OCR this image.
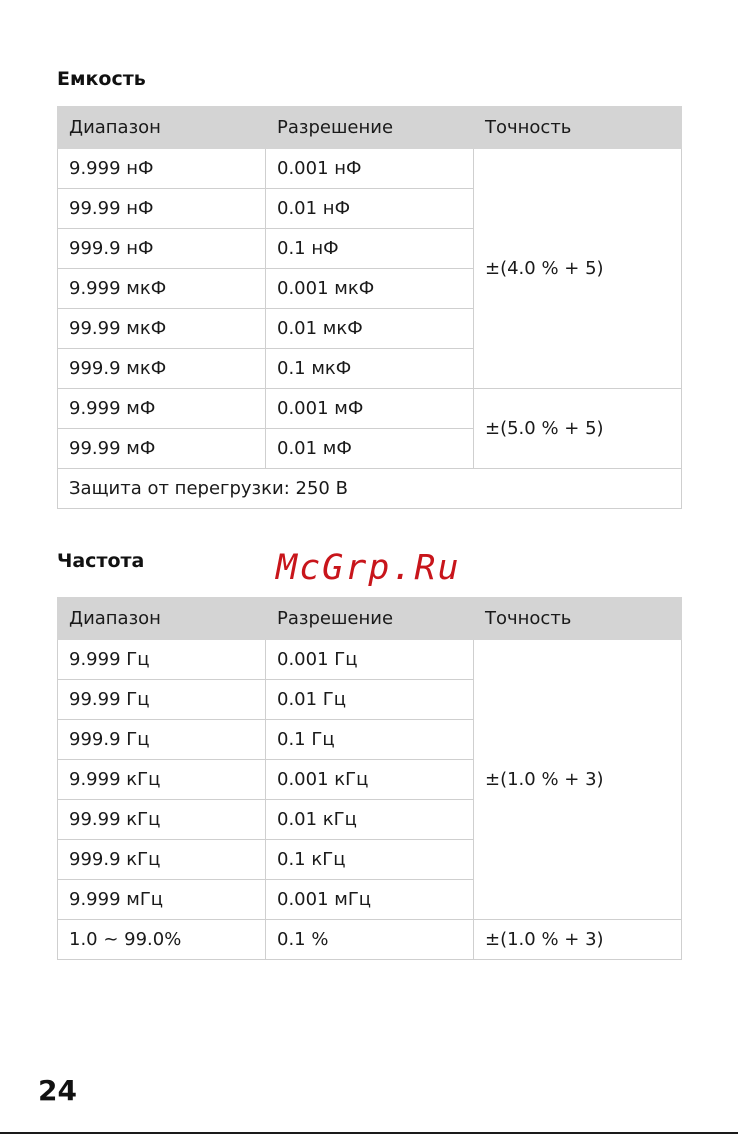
Емкость
Диапазон	Разрешение	Точность
9.999 нФ	0.001 нФ	±(4.0 % + 5)
99.99 нФ	0.01 нФ	
999.9 нФ	0.1 нФ	
9.999 мкФ	0.001 мкФ	
99.99 мкФ	0.01 мкФ	
999.9 мкФ	0.1 мкФ	
9.999 мФ	0.001 мФ	±(5.0 % + 5)
99.99 мФ	0.01 мФ	
Защита от перегрузки: 250 В		
Частота	McGrp.Ru
Диапазон	Разрешение	Точность
9.999 Гц	0.001 Гц	±(1.0 % + 3)
99.99 Гц	0.01 Гц	
999.9 Гц	0.1 Гц	
9.999 кГц	0.001 кГц	
99.99 кГц	0.01 кГц	
999.9 кГц	0.1 кГц	
9.999 мГц	0.001 мГц	
1.0 ~ 99.0%	0.1 %	±(1.0 % + 3)
24
